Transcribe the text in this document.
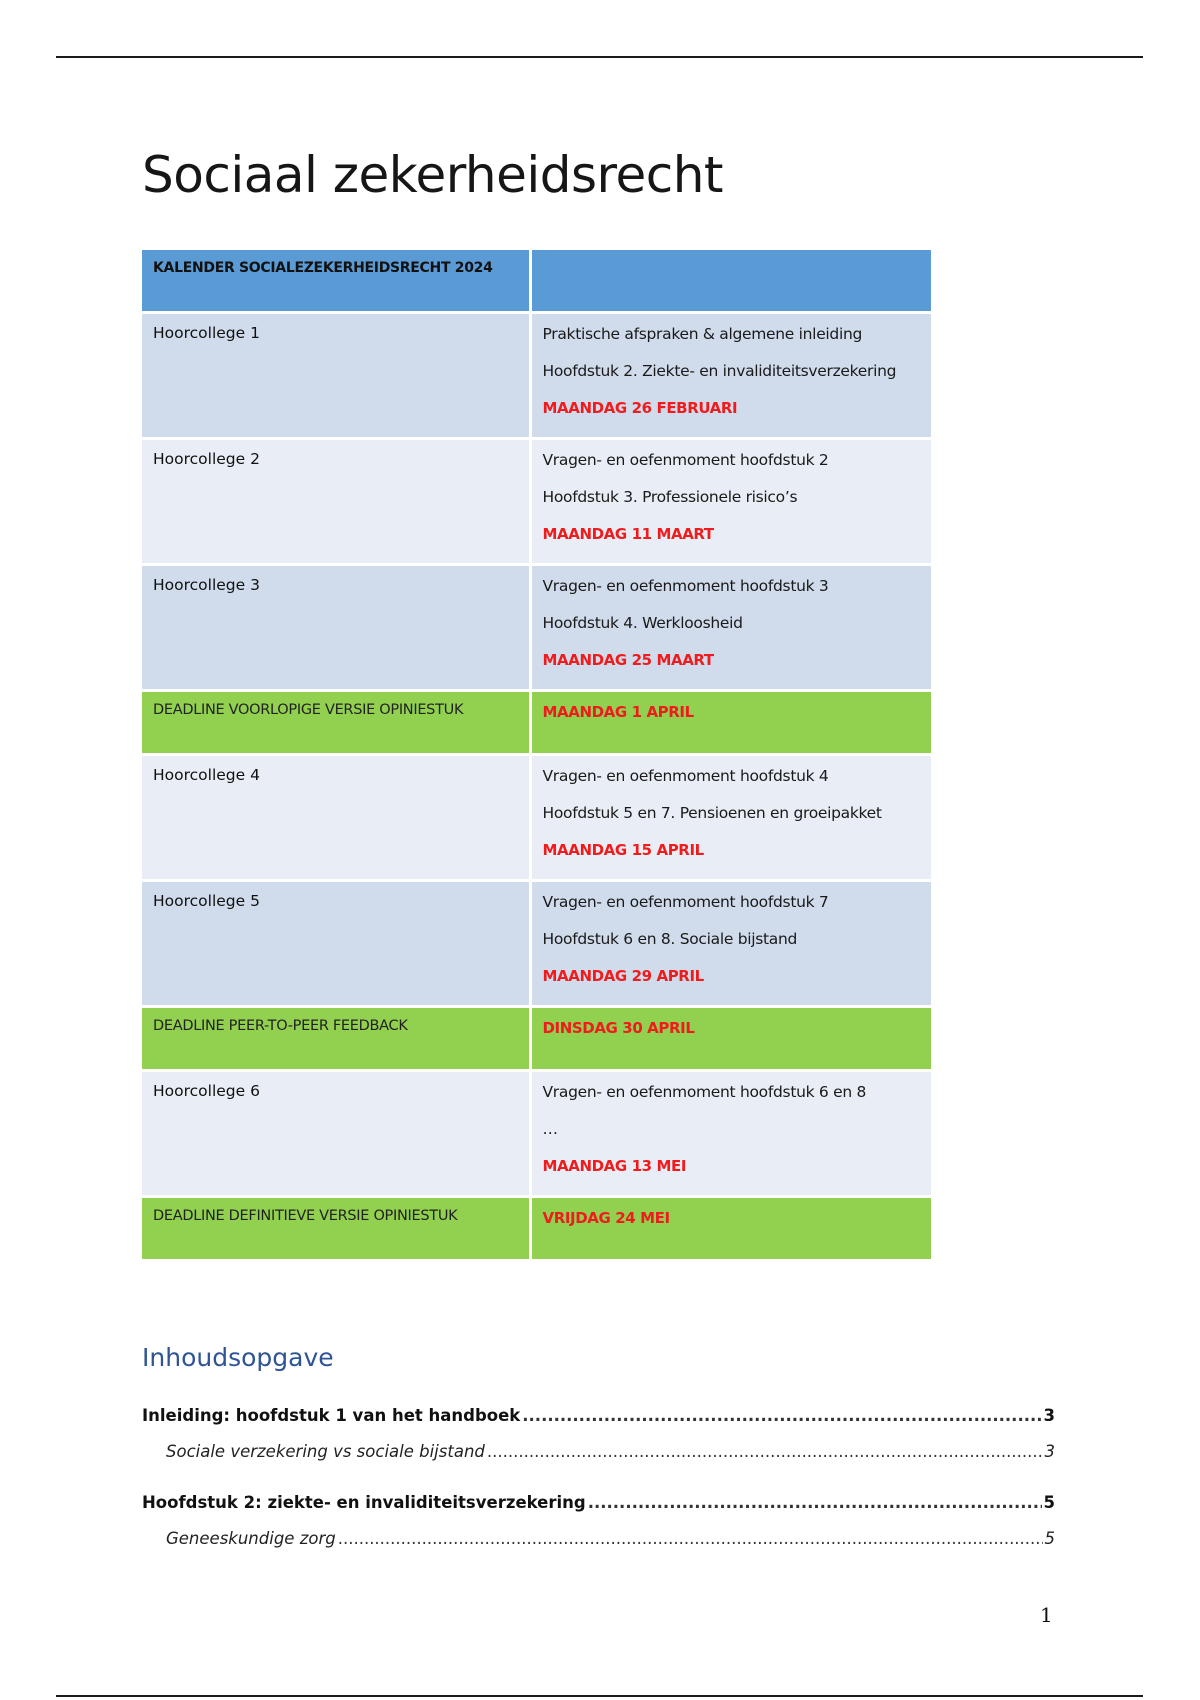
Sociaal zekerheidsrecht
KALENDER SOCIALEZEKERHEIDSRECHT 2024	
Hoorcollege 1	Praktische afspraken & algemene inleiding
Hoofdstuk 2. Ziekte- en invaliditeitsverzekering
MAANDAG 26 FEBRUARI

Hoorcollege 2	Vragen- en oefenmoment hoofdstuk 2
Hoofdstuk 3. Professionele risico’s
MAANDAG 11 MAART

Hoorcollege 3	Vragen- en oefenmoment hoofdstuk 3
Hoofdstuk 4. Werkloosheid
MAANDAG 25 MAART

DEADLINE VOORLOPIGE VERSIE OPINIESTUK	MAANDAG 1 APRIL

Hoorcollege 4	Vragen- en oefenmoment hoofdstuk 4
Hoofdstuk 5 en 7. Pensioenen en groeipakket
MAANDAG 15 APRIL

Hoorcollege 5	Vragen- en oefenmoment hoofdstuk 7
Hoofdstuk 6 en 8. Sociale bijstand
MAANDAG 29 APRIL

DEADLINE PEER-TO-PEER FEEDBACK	DINSDAG 30 APRIL

Hoorcollege 6	Vragen- en oefenmoment hoofdstuk 6 en 8
…
MAANDAG 13 MEI

DEADLINE DEFINITIEVE VERSIE OPINIESTUK	VRIJDAG 24 MEI
Inhoudsopgave
Inleiding: hoofdstuk 1 van het handboek .....	3
Sociale verzekering vs sociale bijstand .....	3
Hoofdstuk 2: ziekte- en invaliditeitsverzekering .....	5
Geneeskundige zorg .....	5
1
